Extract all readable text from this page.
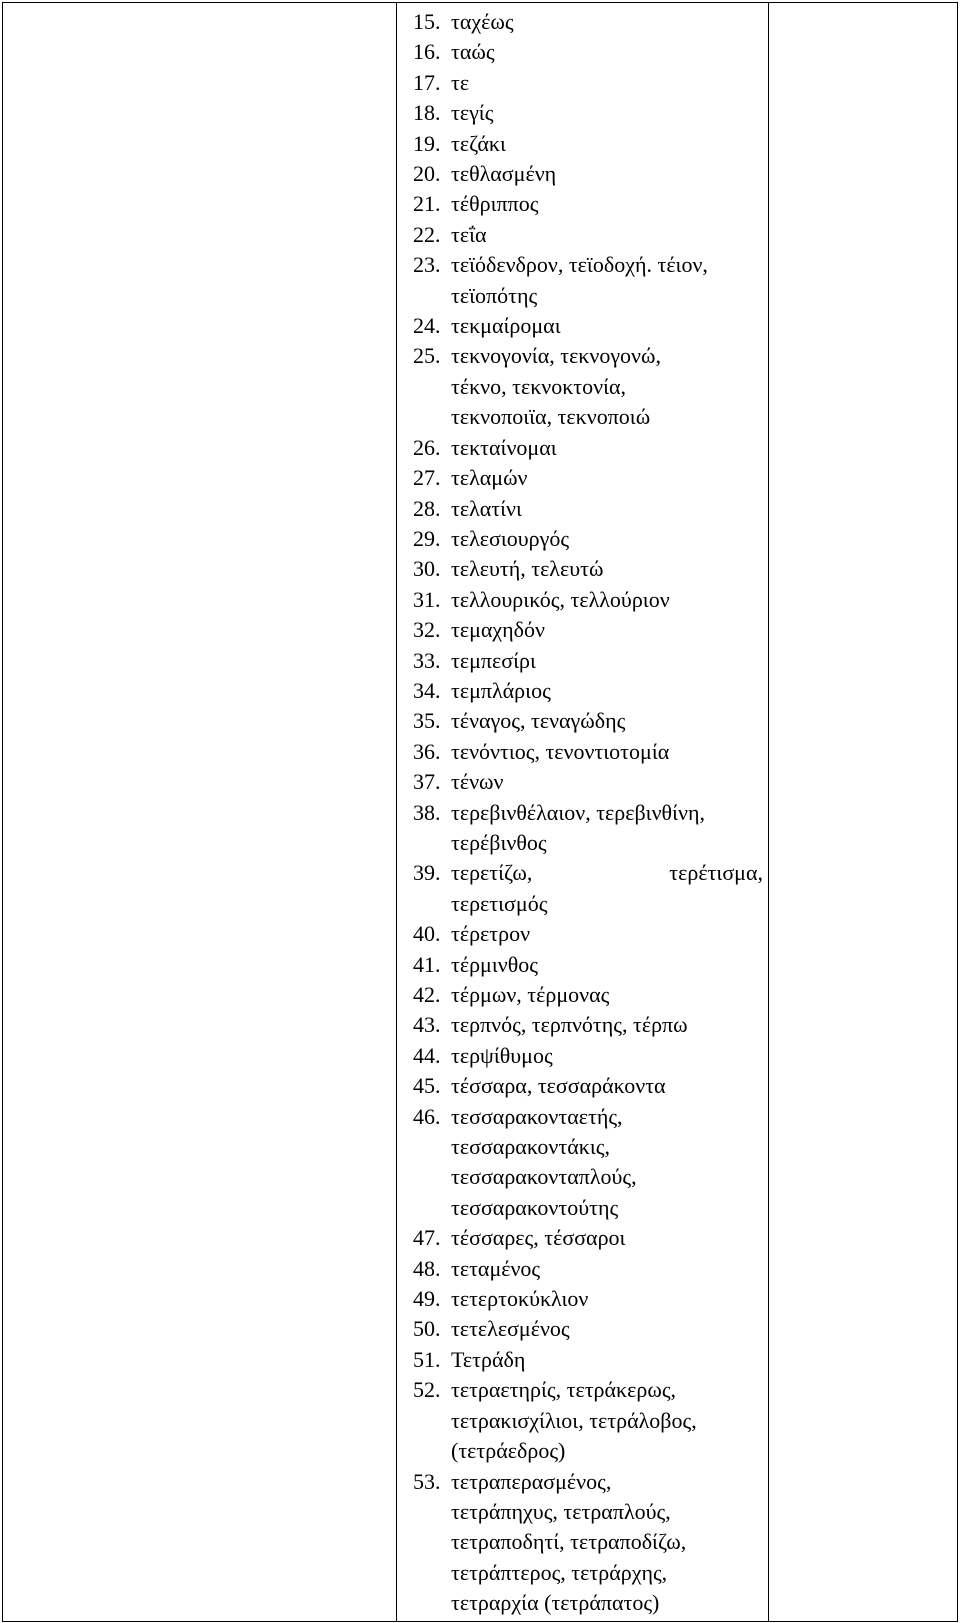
15. ταχέως
16. ταώς
17. τε
18. τεγίς
19. τεζάκι
20. τεθλασμένη
21. τέθριππος
22. τεΐα
23. τεϊόδενδρον, τεϊοδοχή. τέιον,
τεϊοπότης
24. τεκμαίρομαι
25. τεκνογονία, τεκνογονώ,
τέκνο, τεκνοκτονία,
τεκνοποιϊα, τεκνοποιώ
26. τεκταίνομαι
27. τελαμών
28. τελατίνι
29. τελεσιουργός
30. τελευτή, τελευτώ
31. τελλουρικός, τελλούριον
32. τεμαχηδόν
33. τεμπεσίρι
34. τεμπλάριος
35. τέναγος, τεναγώδης
36. τενόντιος, τενοντιοτομία
37. τένων
38. τερεβινθέλαιον, τερεβινθίνη,
τερέβινθος
39. τερετίζω, τερέτισμα,
τερετισμός
40. τέρετρον
41. τέρμινθος
42. τέρμων, τέρμονας
43. τερπνός, τερπνότης, τέρπω
44. τερψίθυμος
45. τέσσαρα, τεσσαράκοντα
46. τεσσαρακονταετής,
τεσσαρακοντάκις,
τεσσαρακονταπλούς,
τεσσαρακοντούτης
47. τέσσαρες, τέσσαροι
48. τεταμένος
49. τετερτοκύκλιον
50. τετελεσμένος
51. Τετράδη
52. τετραετηρίς, τετράκερως,
τετρακισχίλιοι, τετράλοβος,
(τετράεδρος)
53. τετραπερασμένος,
τετράπηχυς, τετραπλούς,
τετραποδητί, τετραποδίζω,
τετράπτερος, τετράρχης,
τετραρχία (τετράπατος)
